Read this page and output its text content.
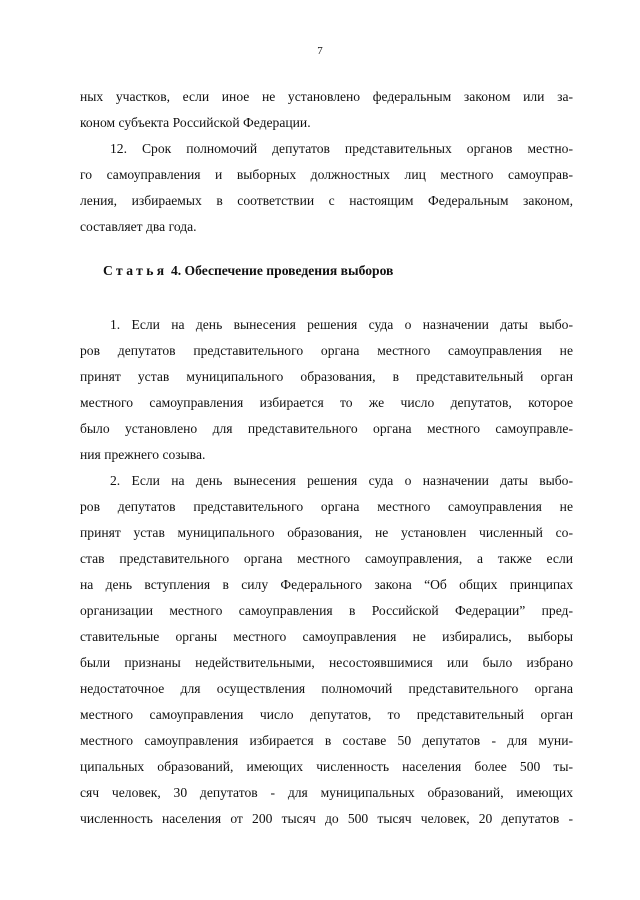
7
ных участков, если иное не установлено федеральным законом или за-
коном субъекта Российской Федерации.
12. Срок полномочий депутатов представительных органов местно-
го самоуправления и выборных должностных лиц местного самоуправ-
ления, избираемых в соответствии с настоящим Федеральным законом,
составляет два года.
Статья 4. Обеспечение проведения выборов
1. Если на день вынесения решения суда о назначении даты выбо-
ров депутатов представительного органа местного самоуправления не
принят устав муниципального образования, в представительный орган
местного самоуправления избирается то же число депутатов, которое
было установлено для представительного органа местного самоуправле-
ния прежнего созыва.
2. Если на день вынесения решения суда о назначении даты выбо-
ров депутатов представительного органа местного самоуправления не
принят устав муниципального образования, не установлен численный со-
став представительного органа местного самоуправления, а также если
на день вступления в силу Федерального закона “Об общих принципах
организации местного самоуправления в Российской Федерации” пред-
ставительные органы местного самоуправления не избирались, выборы
были признаны недействительными, несостоявшимися или было избрано
недостаточное для осуществления полномочий представительного органа
местного самоуправления число депутатов, то представительный орган
местного самоуправления избирается в составе 50 депутатов - для муни-
ципальных образований, имеющих численность населения более 500 ты-
сяч человек, 30 депутатов - для муниципальных образований, имеющих
численность населения от 200 тысяч до 500 тысяч человек, 20 депутатов -
